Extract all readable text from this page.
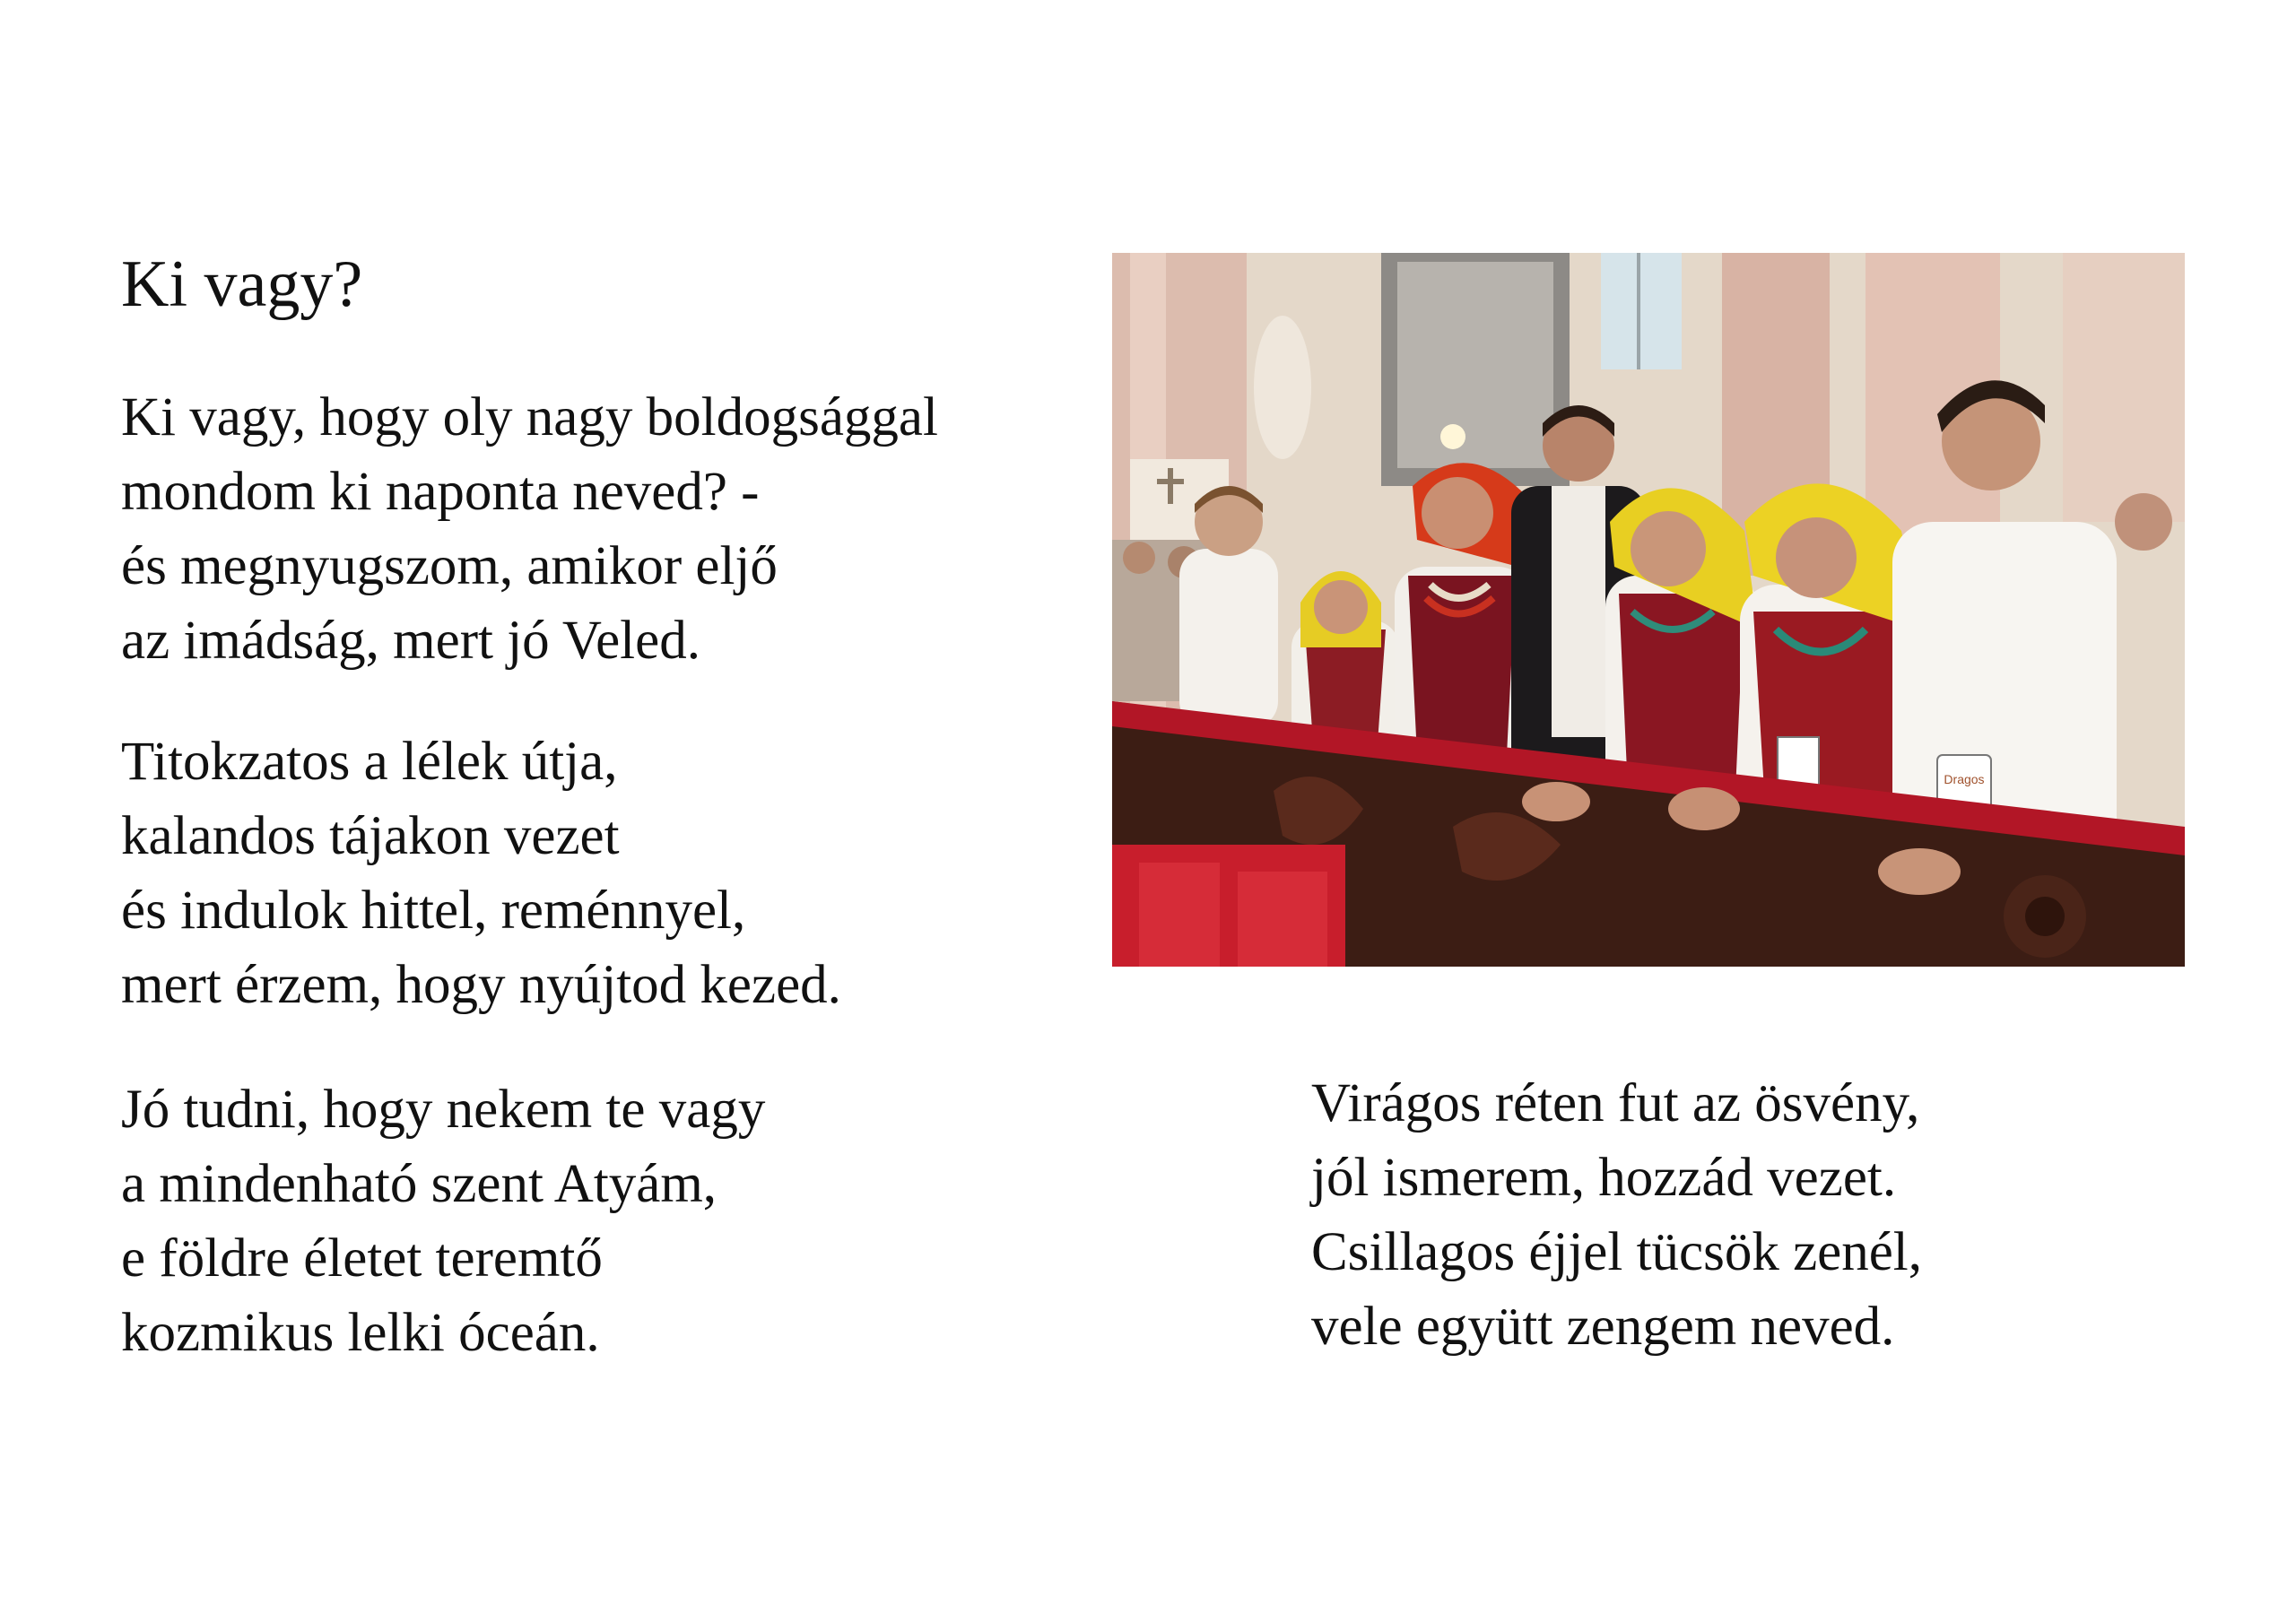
Ki vagy?
Ki vagy, hogy oly nagy boldogsággal
mondom ki naponta neved? -
és megnyugszom, amikor eljő
az imádság, mert jó Veled.
Titokzatos a lélek útja,
kalandos tájakon vezet
és indulok hittel, reménnyel,
mert érzem, hogy nyújtod kezed.
Jó tudni, hogy nekem te vagy
a mindenható szent Atyám,
e földre életet teremtő
kozmikus lelki óceán.
Virágos réten fut az ösvény,
jól ismerem, hozzád vezet.
Csillagos éjjel tücsök zenél,
vele együtt zengem neved.
Dragos
